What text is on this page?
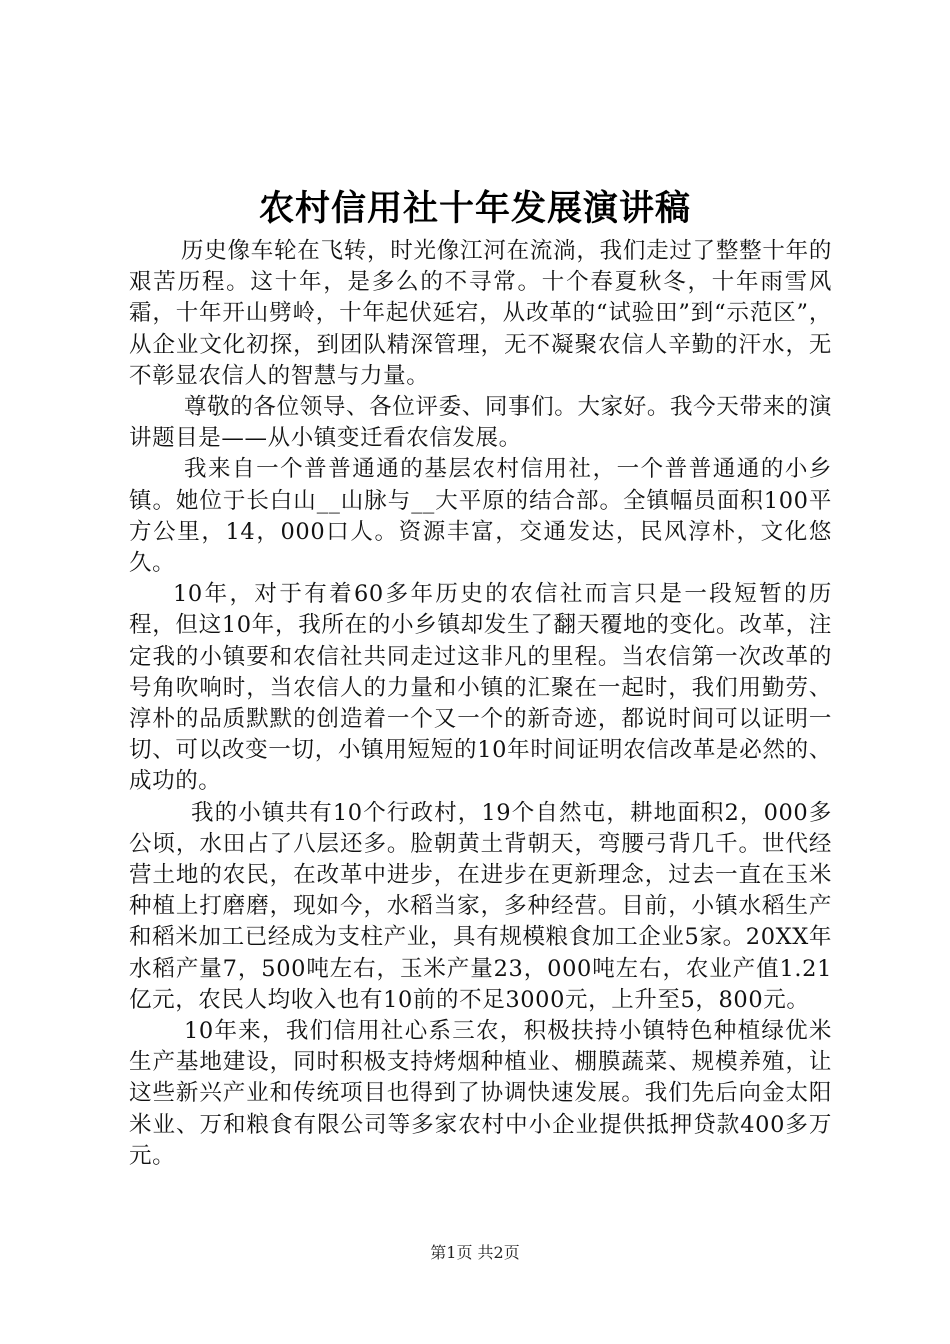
农村信用社十年发展演讲稿

历史像车轮在飞转，时光像江河在流淌，我们走过了整整十年的艰苦历程。这十年，是多么的不寻常。十个春夏秋冬，十年雨雪风霜，十年开山劈岭，十年起伏延宕，从改革的“试验田”到“示范区”，从企业文化初探，到团队精深管理，无不凝聚农信人辛勤的汗水，无不彰显农信人的智慧与力量。

尊敬的各位领导、各位评委、同事们。大家好。我今天带来的演讲题目是——从小镇变迁看农信发展。

我来自一个普普通通的基层农村信用社，一个普普通通的小乡镇。她位于长白山__山脉与__大平原的结合部。全镇幅员面积100平方公里，14，000口人。资源丰富，交通发达，民风淳朴，文化悠久。

10年，对于有着60多年历史的农信社而言只是一段短暂的历程，但这10年，我所在的小乡镇却发生了翻天覆地的变化。改革，注定我的小镇要和农信社共同走过这非凡的里程。当农信第一次改革的号角吹响时，当农信人的力量和小镇的汇聚在一起时，我们用勤劳、淳朴的品质默默的创造着一个又一个的新奇迹，都说时间可以证明一切、可以改变一切，小镇用短短的10年时间证明农信改革是必然的、成功的。

我的小镇共有10个行政村，19个自然屯，耕地面积2，000多公顷，水田占了八层还多。脸朝黄土背朝天，弯腰弓背几千。世代经营土地的农民，在改革中进步，在进步在更新理念，过去一直在玉米种植上打磨磨，现如今，水稻当家，多种经营。目前，小镇水稻生产和稻米加工已经成为支柱产业，具有规模粮食加工企业5家。20XX年水稻产量7，500吨左右，玉米产量23，000吨左右，农业产值1.21亿元，农民人均收入也有10前的不足3000元，上升至5，800元。

10年来，我们信用社心系三农，积极扶持小镇特色种植绿优米生产基地建设，同时积极支持烤烟种植业、棚膜蔬菜、规模养殖，让这些新兴产业和传统项目也得到了协调快速发展。我们先后向金太阳米业、万和粮食有限公司等多家农村中小企业提供抵押贷款400多万元。

第1页 共2页
